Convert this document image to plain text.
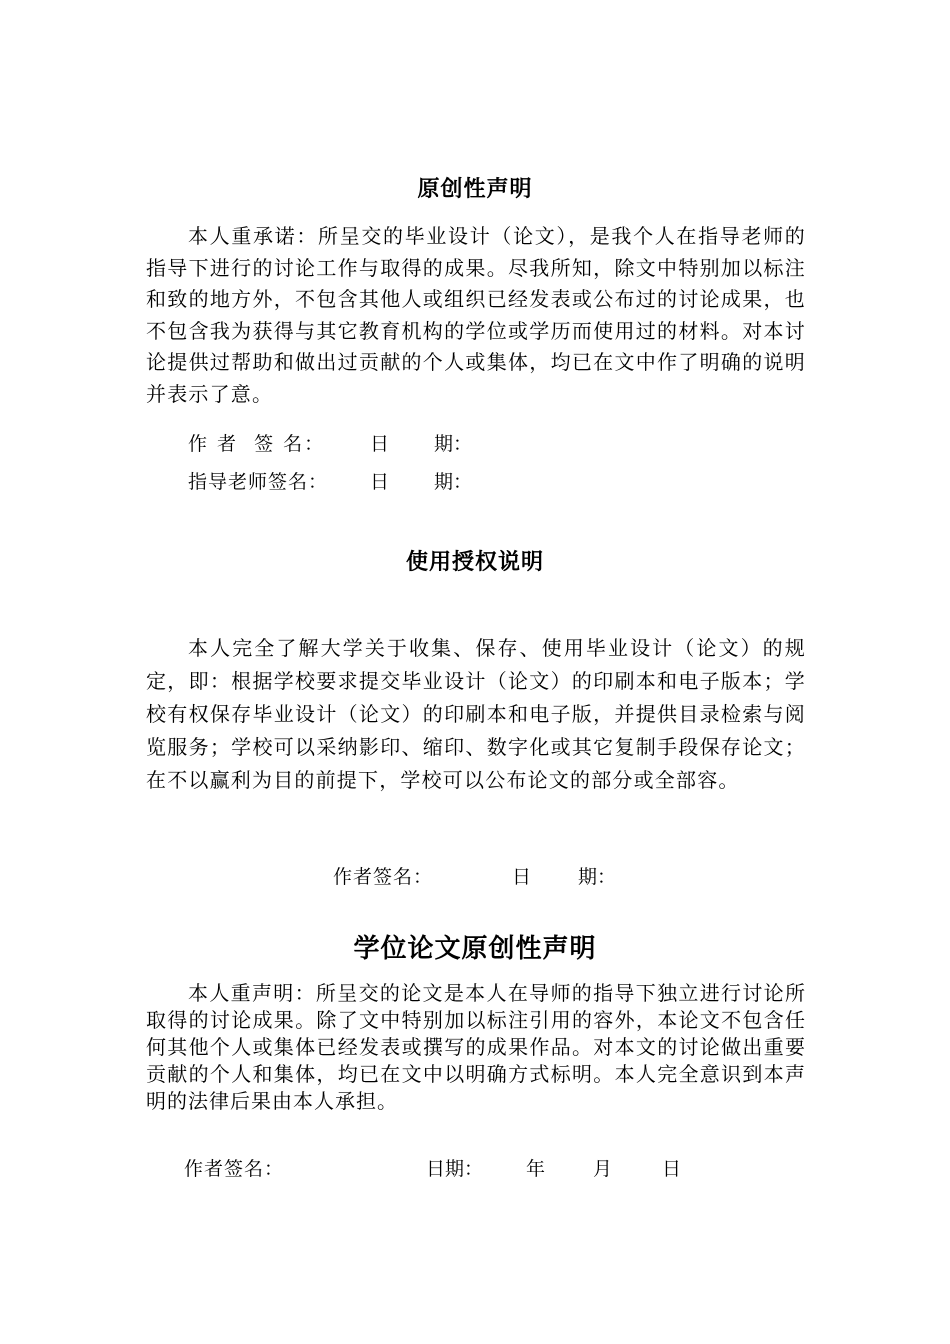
原创性声明
本人重承诺：所呈交的毕业设计（论文），是我个人在指导老师的指导下进行的讨论工作与取得的成果。尽我所知，除文中特别加以标注和致的地方外，不包含其他人或组织已经发表或公布过的讨论成果，也不包含我为获得与其它教育机构的学位或学历而使用过的材料。对本讨论提供过帮助和做出过贡献的个人或集体，均已在文中作了明确的说明并表示了意。
作 者  签 名： 日 期：
指导老师签名： 日 期：
使用授权说明
本人完全了解大学关于收集、保存、使用毕业设计（论文）的规定，即：根据学校要求提交毕业设计（论文）的印刷本和电子版本；学校有权保存毕业设计（论文）的印刷本和电子版，并提供目录检索与阅览服务；学校可以采纳影印、缩印、数字化或其它复制手段保存论文；在不以赢利为目的前提下，学校可以公布论文的部分或全部容。
作者签名：	日 期：
学位论文原创性声明
本人重声明：所呈交的论文是本人在导师的指导下独立进行讨论所取得的讨论成果。除了文中特别加以标注引用的容外，本论文不包含任何其他个人或集体已经发表或撰写的成果作品。对本文的讨论做出重要贡献的个人和集体，均已在文中以明确方式标明。本人完全意识到本声明的法律后果由本人承担。
作者签名：	日期： 年	月	日
